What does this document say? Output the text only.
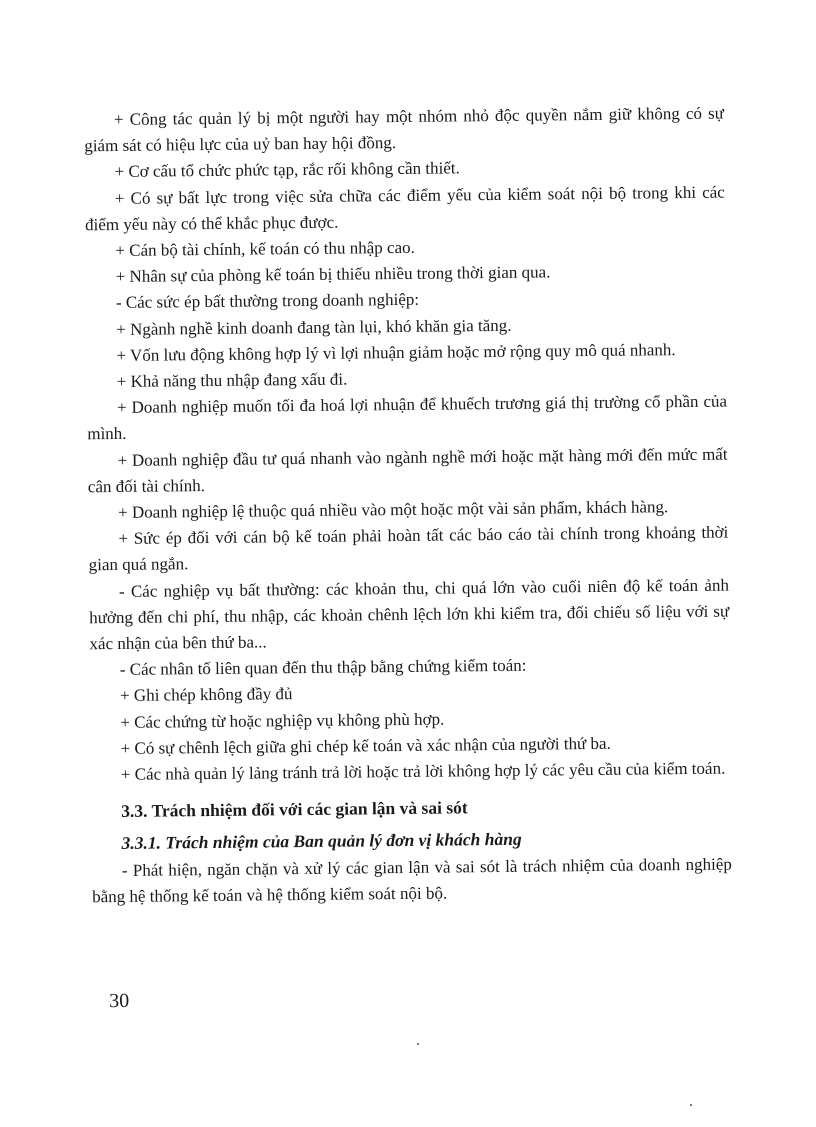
+ Công tác quản lý bị một người hay một nhóm nhỏ độc quyền nắm giữ không có sự giám sát có hiệu lực của uỷ ban hay hội đồng.

+ Cơ cấu tổ chức phức tạp, rắc rối không cần thiết.

+ Có sự bất lực trong việc sửa chữa các điểm yếu của kiểm soát nội bộ trong khi các điểm yếu này có thể khắc phục được.

+ Cán bộ tài chính, kế toán có thu nhập cao.

+ Nhân sự của phòng kế toán bị thiếu nhiều trong thời gian qua.

- Các sức ép bất thường trong doanh nghiệp:

+ Ngành nghề kinh doanh đang tàn lụi, khó khăn gia tăng.

+ Vốn lưu động không hợp lý vì lợi nhuận giảm hoặc mở rộng quy mô quá nhanh.

+ Khả năng thu nhập đang xấu đi.

+ Doanh nghiệp muốn tối đa hoá lợi nhuận để khuếch trương giá thị trường cổ phần của mình.

+ Doanh nghiệp đầu tư quá nhanh vào ngành nghề mới hoặc mặt hàng mới đến mức mất cân đối tài chính.

+ Doanh nghiệp lệ thuộc quá nhiều vào một hoặc một vài sản phẩm, khách hàng.

+ Sức ép đối với cán bộ kế toán phải hoàn tất các báo cáo tài chính trong khoảng thời gian quá ngắn.

- Các nghiệp vụ bất thường: các khoản thu, chi quá lớn vào cuối niên độ kế toán ảnh hưởng đến chi phí, thu nhập, các khoản chênh lệch lớn khi kiểm tra, đối chiếu số liệu với sự xác nhận của bên thứ ba...

- Các nhân tố liên quan đến thu thập bằng chứng kiểm toán:

+ Ghi chép không đầy đủ

+ Các chứng từ hoặc nghiệp vụ không phù hợp.

+ Có sự chênh lệch giữa ghi chép kế toán và xác nhận của người thứ ba.

+ Các nhà quản lý lảng tránh trả lời hoặc trả lời không hợp lý các yêu cầu của kiểm toán.

3.3. Trách nhiệm đối với các gian lận và sai sót
3.3.1. Trách nhiệm của Ban quản lý đơn vị khách hàng

- Phát hiện, ngăn chặn và xử lý các gian lận và sai sót là trách nhiệm của doanh nghiệp bằng hệ thống kế toán và hệ thống kiểm soát nội bộ.

30
